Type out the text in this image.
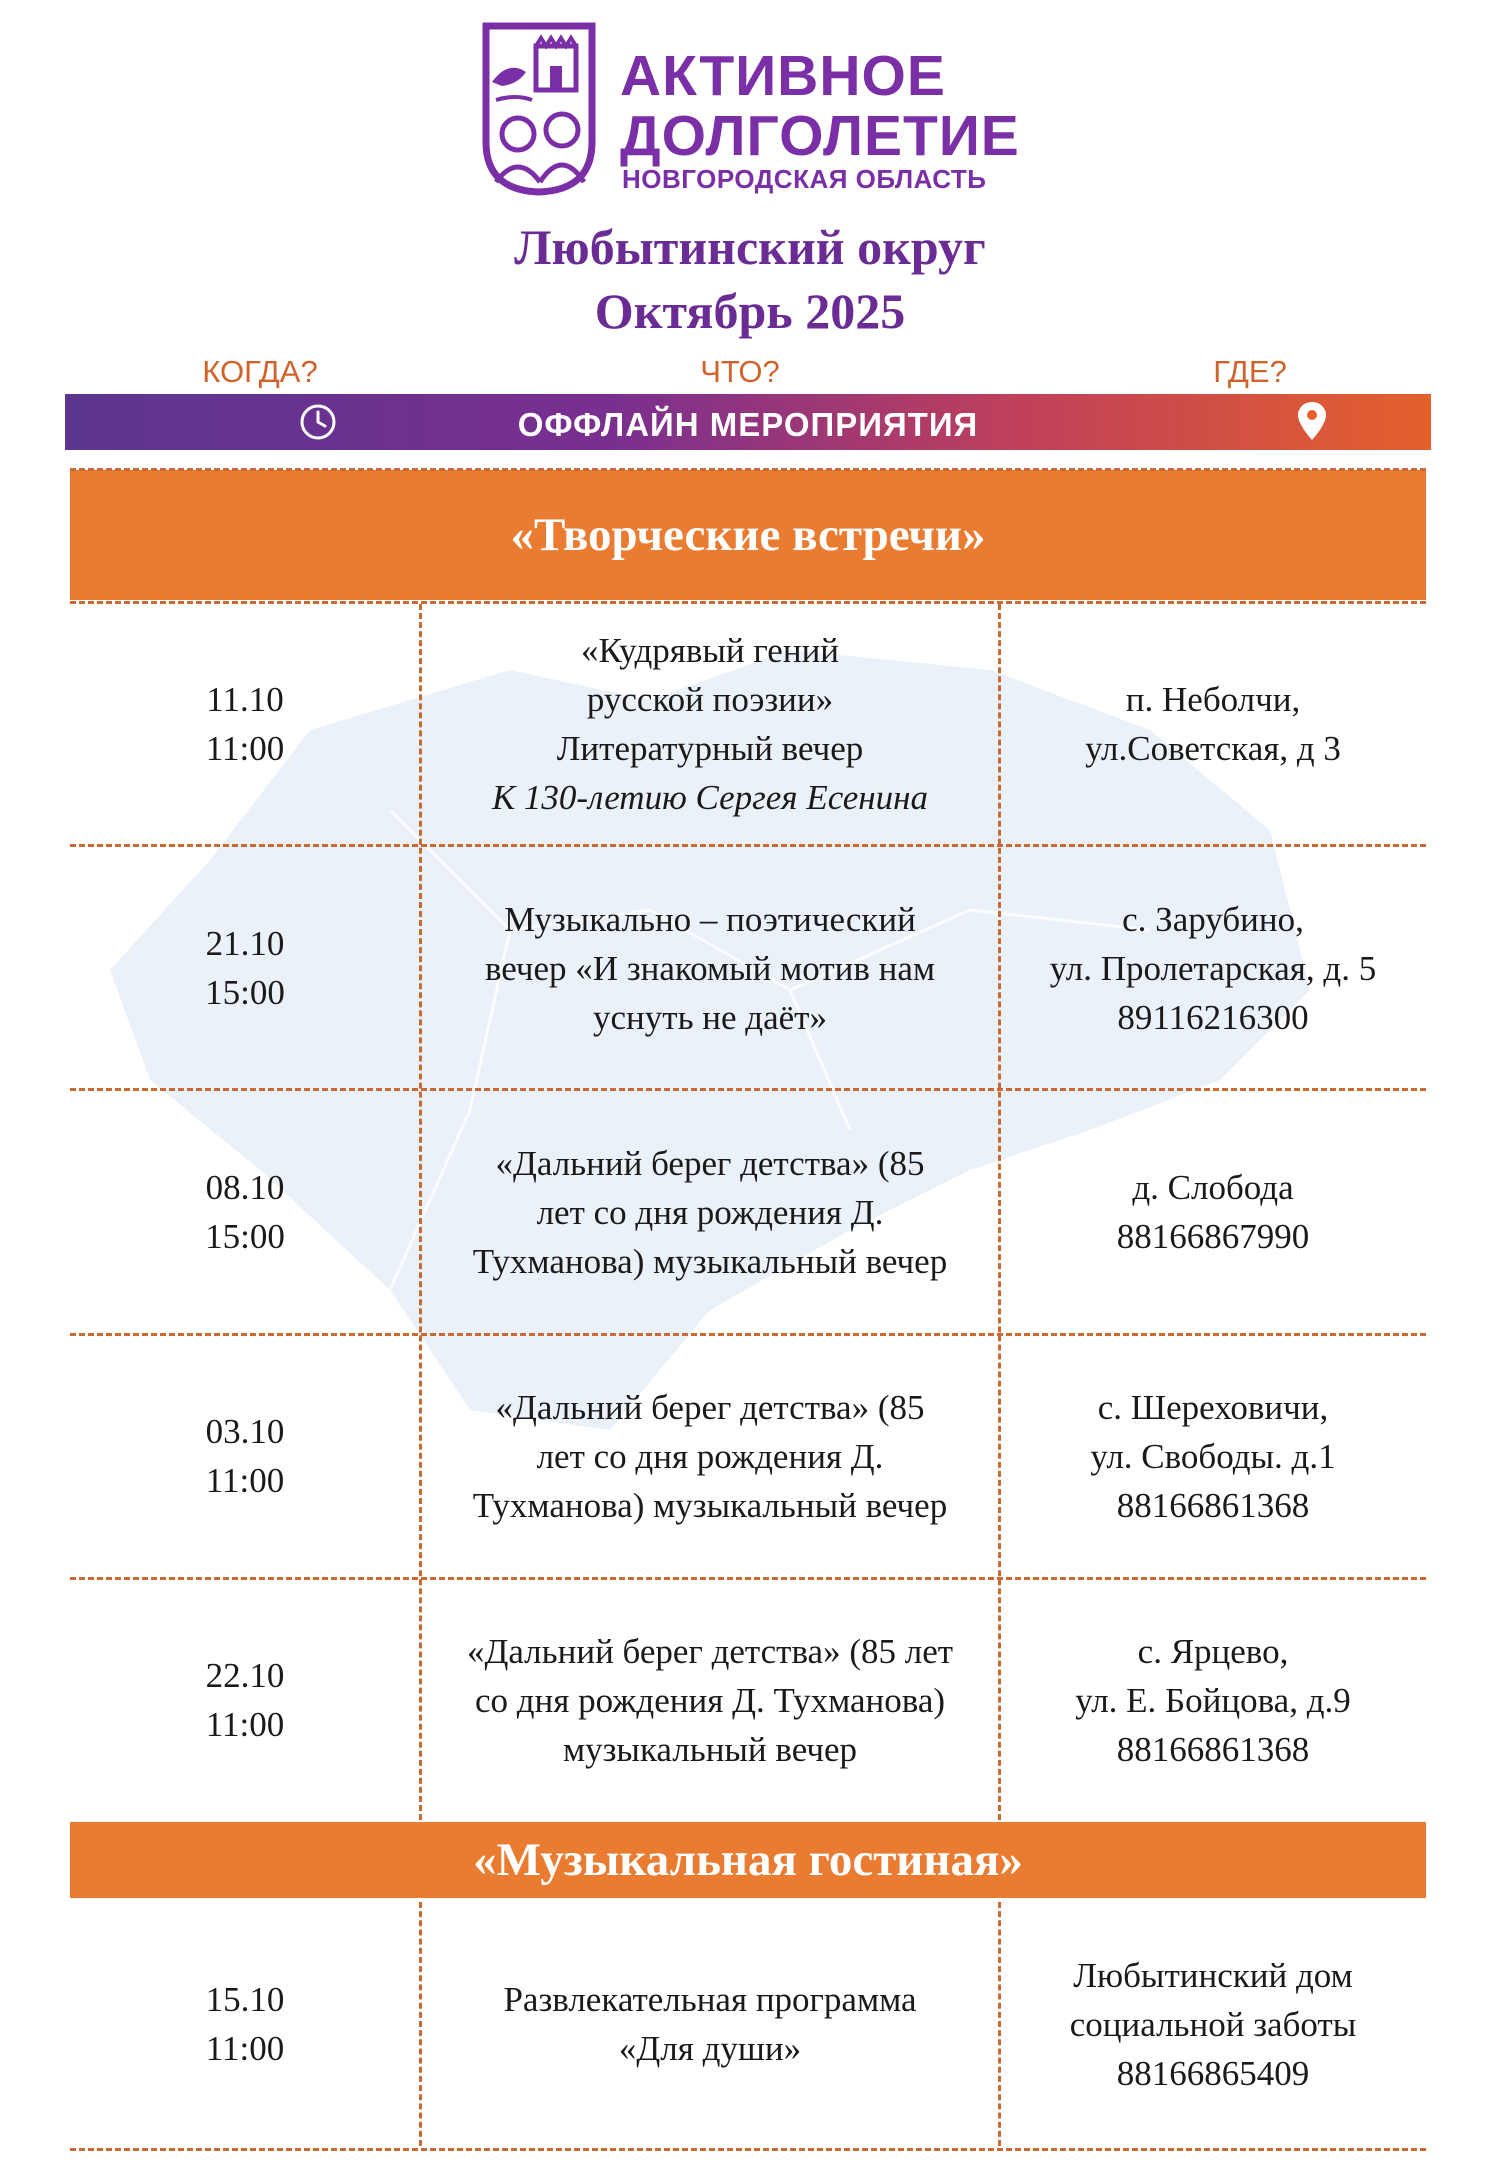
АКТИВНОЕ
ДОЛГОЛЕТИЕ
НОВГОРОДСКАЯ ОБЛАСТЬ
Любытинский округ
Октябрь 2025
КОГДА?	ЧТО?	ГДЕ?
ОФФЛАЙН МЕРОПРИЯТИЯ
«Творческие встречи»
11.10
11:00
«Кудрявый гений
русской поэзии»
Литературный вечер
К 130-летию Сергея Есенина
п. Неболчи,
ул.Советская, д 3
21.10
15:00
Музыкально – поэтический
вечер «И знакомый мотив нам
уснуть не даёт»
с. Зарубино,
ул. Пролетарская, д. 5
89116216300
08.10
15:00
«Дальний берег детства» (85
лет со дня рождения Д.
Тухманова) музыкальный вечер
д. Слобода
88166867990
03.10
11:00
«Дальний берег детства» (85
лет со дня рождения Д.
Тухманова) музыкальный вечер
с. Шереховичи,
ул. Свободы. д.1
88166861368
22.10
11:00
«Дальний берег детства» (85 лет
со дня рождения Д. Тухманова)
музыкальный вечер
с. Ярцево,
ул. Е. Бойцова, д.9
88166861368
«Музыкальная гостиная»
15.10
11:00
Развлекательная программа
«Для души»
Любытинский дом
социальной заботы
88166865409
